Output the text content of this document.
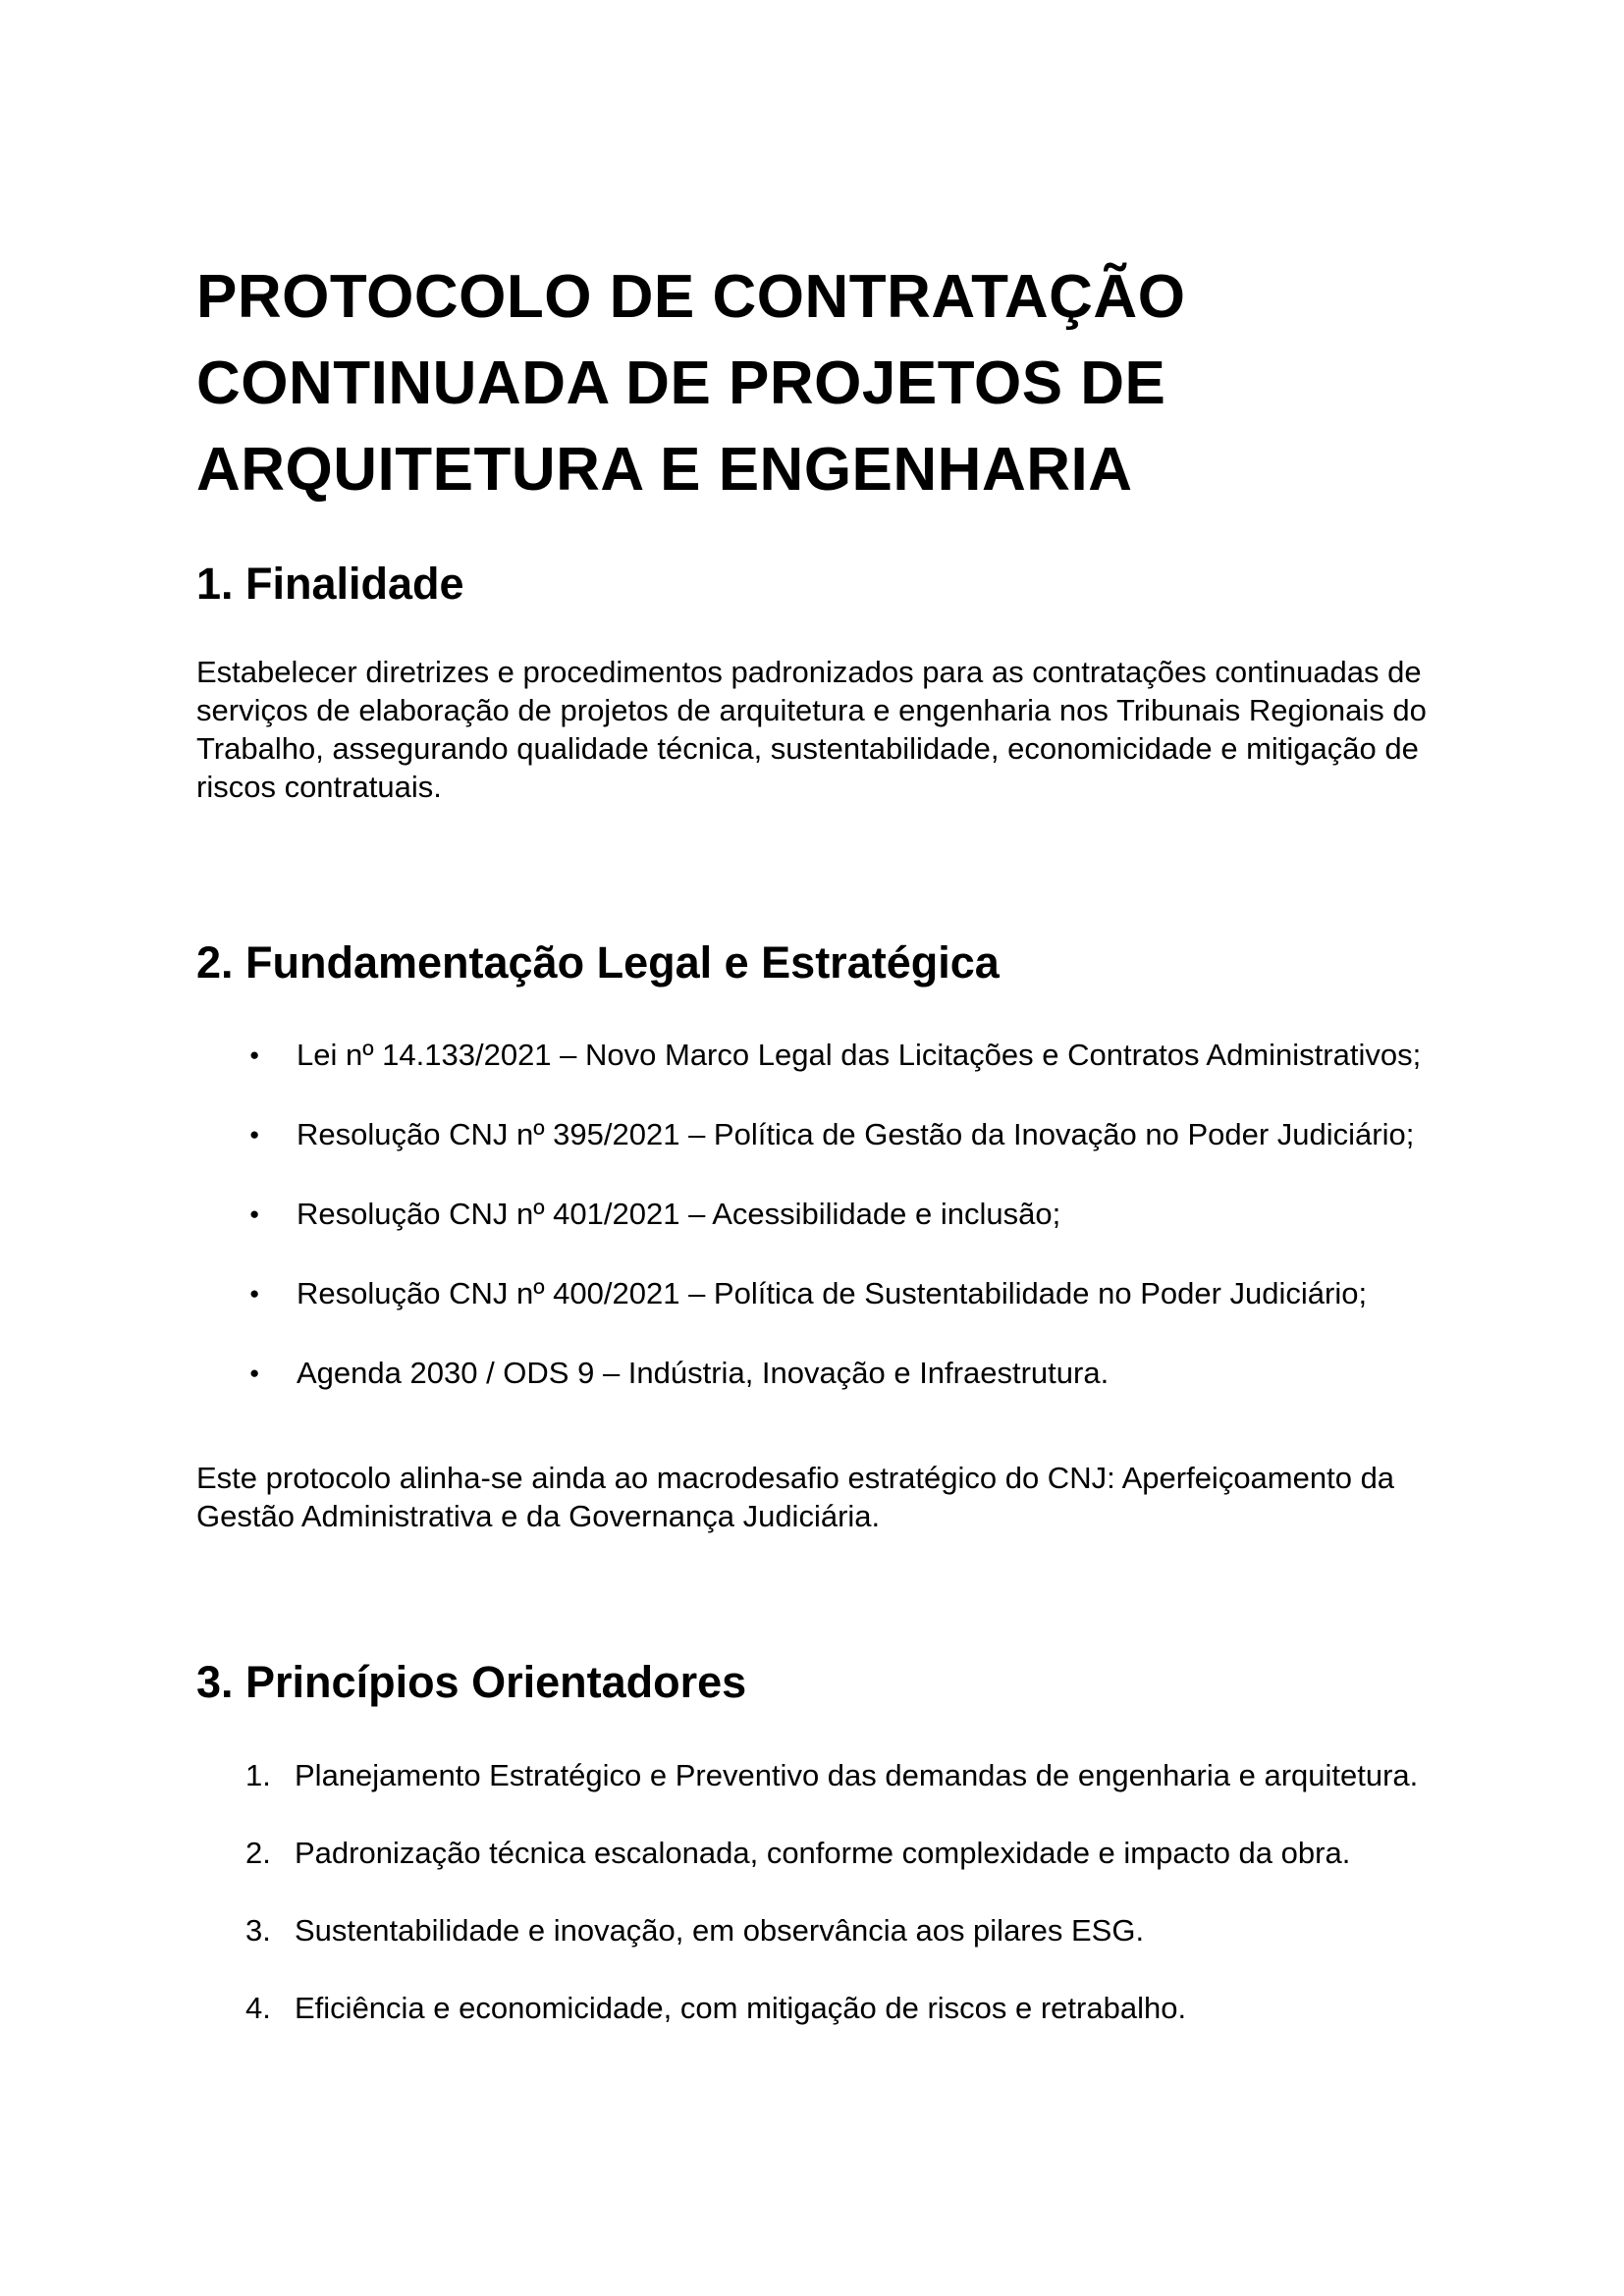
PROTOCOLO DE CONTRATAÇÃO
CONTINUADA DE PROJETOS DE
ARQUITETURA E ENGENHARIA
1. Finalidade
Estabelecer diretrizes e procedimentos padronizados para as contratações continuadas de
serviços de elaboração de projetos de arquitetura e engenharia nos Tribunais Regionais do
Trabalho, assegurando qualidade técnica, sustentabilidade, economicidade e mitigação de
riscos contratuais.
2. Fundamentação Legal e Estratégica
● Lei nº 14.133/2021 – Novo Marco Legal das Licitações e Contratos Administrativos;
● Resolução CNJ nº 395/2021 – Política de Gestão da Inovação no Poder Judiciário;
● Resolução CNJ nº 401/2021 – Acessibilidade e inclusão;
● Resolução CNJ nº 400/2021 – Política de Sustentabilidade no Poder Judiciário;
● Agenda 2030 / ODS 9 – Indústria, Inovação e Infraestrutura.
Este protocolo alinha-se ainda ao macrodesafio estratégico do CNJ: Aperfeiçoamento da
Gestão Administrativa e da Governança Judiciária.
3. Princípios Orientadores
1. Planejamento Estratégico e Preventivo das demandas de engenharia e arquitetura.
2. Padronização técnica escalonada, conforme complexidade e impacto da obra.
3. Sustentabilidade e inovação, em observância aos pilares ESG.
4. Eficiência e economicidade, com mitigação de riscos e retrabalho.
